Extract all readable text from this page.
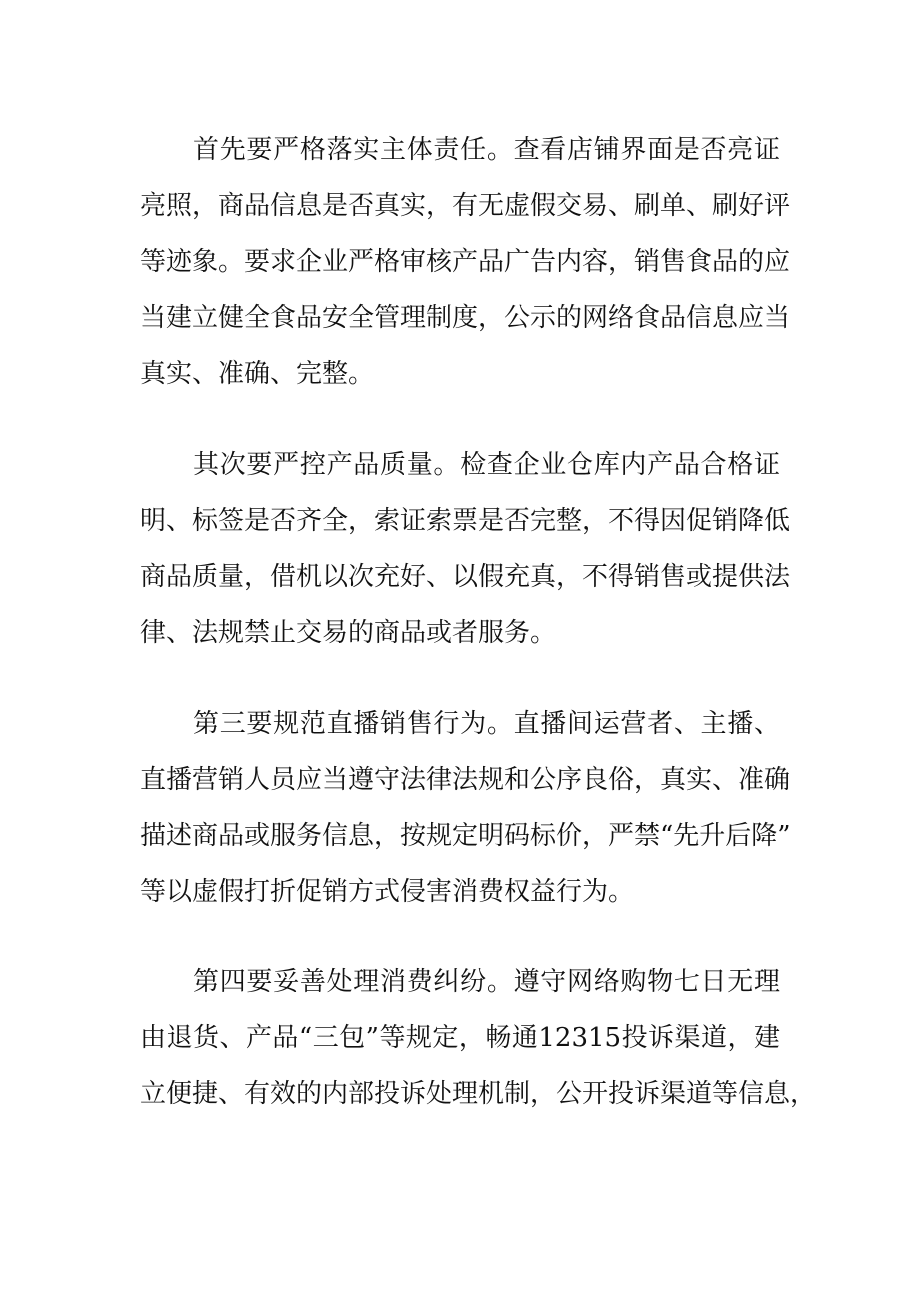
首先要严格落实主体责任。查看店铺界面是否亮证

亮照，商品信息是否真实，有无虚假交易、刷单、刷好评

等迹象。要求企业严格审核产品广告内容，销售食品的应

当建立健全食品安全管理制度，公示的网络食品信息应当

真实、准确、完整。

其次要严控产品质量。检查企业仓库内产品合格证

明、标签是否齐全，索证索票是否完整，不得因促销降低

商品质量，借机以次充好、以假充真，不得销售或提供法

律、法规禁止交易的商品或者服务。

第三要规范直播销售行为。直播间运营者、主播、

直播营销人员应当遵守法律法规和公序良俗，真实、准确

描述商品或服务信息，按规定明码标价，严禁“先升后降”

等以虚假打折促销方式侵害消费权益行为。

第四要妥善处理消费纠纷。遵守网络购物七日无理

由退货、产品“三包”等规定，畅通12315投诉渠道，建

立便捷、有效的内部投诉处理机制，公开投诉渠道等信息，
